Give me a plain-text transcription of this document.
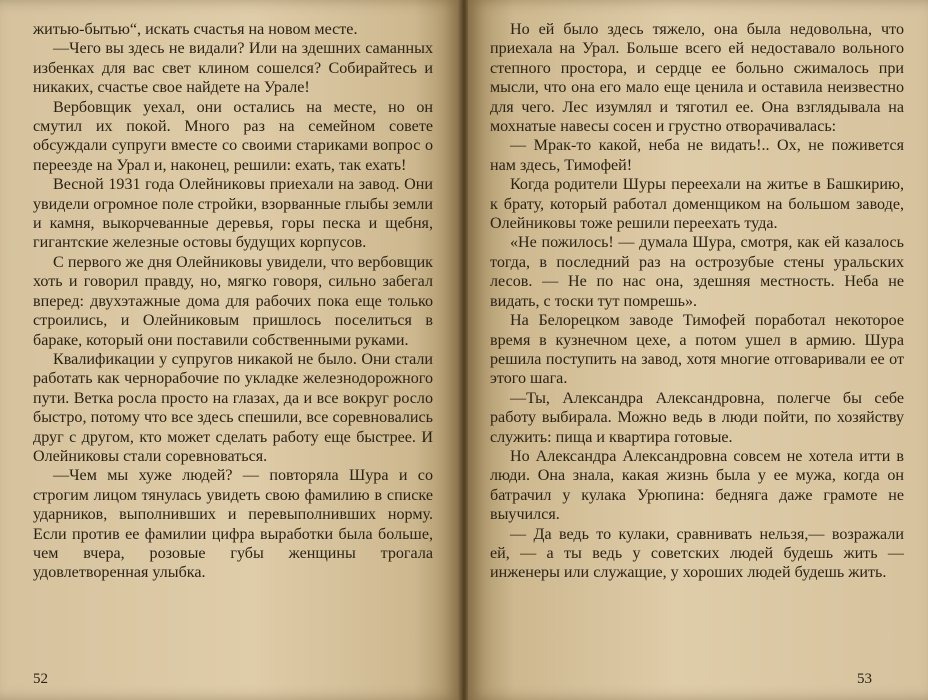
житью-бытью“, искать счастья на новом месте.

—Чего вы здесь не видали? Или на здешних саманных избенках для вас свет клином сошелся? Собирайтесь и никаких, счастье свое найдете на Урале!

Вербовщик уехал, они остались на месте, но он смутил их покой. Много раз на семейном совете обсуждали супруги вместе со своими стариками вопрос о переезде на Урал и, наконец, решили: ехать, так ехать!

Весной 1931 года Олейниковы приехали на завод. Они увидели огромное поле стройки, взорванные глыбы земли и камня, выкорчеванные деревья, горы песка и щебня, гигантские железные остовы будущих корпусов.

С первого же дня Олейниковы увидели, что вербовщик хоть и говорил правду, но, мягко говоря, сильно забегал вперед: двухэтажные дома для рабочих пока еще только строились, и Олейниковым пришлось поселиться в бараке, который они поставили собственными руками.

Квалификации у супругов никакой не было. Они стали работать как чернорабочие по укладке железнодорожного пути. Ветка росла просто на глазах, да и все вокруг росло быстро, потому что все здесь спешили, все соревновались друг с другом, кто может сделать работу еще быстрее. И Олейниковы стали соревноваться.

—Чем мы хуже людей? — повторяла Шура и со строгим лицом тянулась увидеть свою фамилию в списке ударников, выполнивших и перевыполнивших норму. Если против ее фамилии цифра выработки была больше, чем вчера, розовые губы женщины трогала удовлетворенная улыбка.

52

Но ей было здесь тяжело, она была недовольна, что приехала на Урал. Больше всего ей недоставало вольного степного простора, и сердце ее больно сжималось при мысли, что она его мало еще ценила и оставила неизвестно для чего. Лес изумлял и тяготил ее. Она взглядывала на мохнатые навесы сосен и грустно отворачивалась:

— Мрак-то какой, неба не видать!.. Ох, не поживется нам здесь, Тимофей!

Когда родители Шуры переехали на житье в Башкирию, к брату, который работал доменщиком на большом заводе, Олейниковы тоже решили переехать туда.

«Не пожилось! — думала Шура, смотря, как ей казалось тогда, в последний раз на острозубые стены уральских лесов. — Не по нас она, здешняя местность. Неба не видать, с тоски тут помрешь».

На Белорецком заводе Тимофей поработал некоторое время в кузнечном цехе, а потом ушел в армию. Шура решила поступить на завод, хотя многие отговаривали ее от этого шага.

—Ты, Александра Александровна, полегче бы себе работу выбирала. Можно ведь в люди пойти, по хозяйству служить: пища и квартира готовые.

Но Александра Александровна совсем не хотела итти в люди. Она знала, какая жизнь была у ее мужа, когда он батрачил у кулака Урюпина: бедняга даже грамоте не выучился.

— Да ведь то кулаки, сравнивать нельзя,— возражали ей, — а ты ведь у советских людей будешь жить — инженеры или служащие, у хороших людей будешь жить.

53
